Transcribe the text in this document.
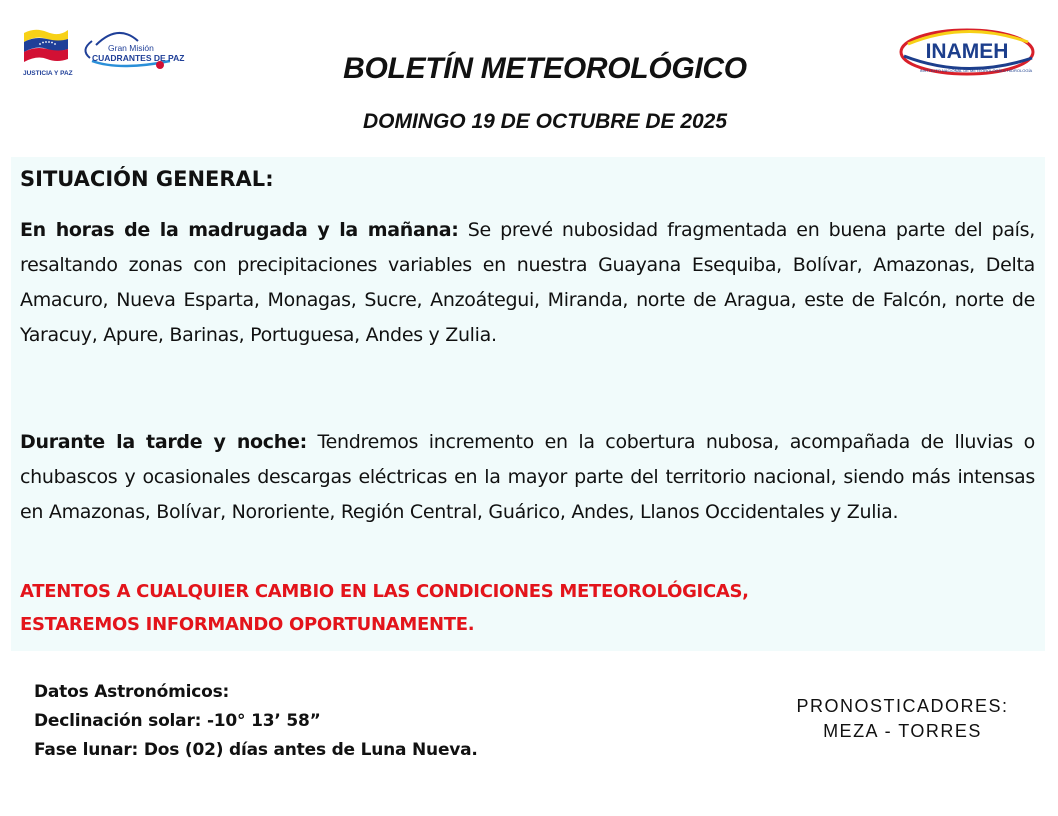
JUSTICIA Y PAZ
Gran Misión
CUADRANTES DE PAZ	INAMEH
INSTITUTO NACIONAL DE METEOROLOGÍA E HIDROLOGÍA
BOLETÍN METEOROLÓGICO
DOMINGO 19 DE OCTUBRE DE 2025
SITUACIÓN GENERAL:

En horas de la madrugada y la mañana: Se prevé nubosidad fragmentada en buena parte del país, resaltando zonas con precipitaciones variables en nuestra Guayana Esequiba, Bolívar, Amazonas, Delta Amacuro, Nueva Esparta, Monagas, Sucre, Anzoátegui, Miranda, norte de Aragua, este de Falcón, norte de Yaracuy, Apure, Barinas, Portuguesa, Andes y Zulia.

Durante la tarde y noche: Tendremos incremento en la cobertura nubosa, acompañada de lluvias o chubascos y ocasionales descargas eléctricas en la mayor parte del territorio nacional, siendo más intensas en Amazonas, Bolívar, Nororiente, Región Central, Guárico, Andes, Llanos Occidentales y Zulia.

ATENTOS A CUALQUIER CAMBIO EN LAS CONDICIONES METEOROLÓGICAS,

ESTAREMOS INFORMANDO OPORTUNAMENTE.

Datos Astronómicos:
Declinación solar: -10° 13’ 58”
Fase lunar: Dos (02) días antes de Luna Nueva.
PRONOSTICADORES:
MEZA - TORRES
